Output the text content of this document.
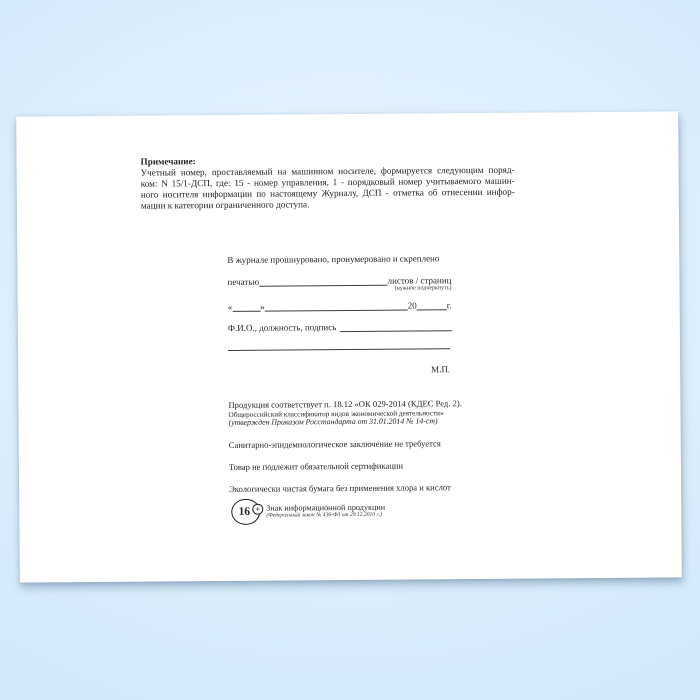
Примечание:
Учетный номер, проставляемый на машинном носителе, формируется следующим поряд-
ком: N 15/1-ДСП, где: 15 - номер управления, 1 - порядковый номер учитываемого машин-
ного носителя информации по настоящему Журналу, ДСП - отметка об отнесении инфор-
мации к категории ограниченного доступа.
В журнале прошнуровано, пронумеровано и скреплено
печатью	листов / страниц
(нужное подчеркнуть)
«	»	20	г.
Ф.И.О., должность, подпись
М.П.
Продукция соответствует п. 18.12 «ОК 029-2014 (КДЕС Ред. 2).
Общероссийский классификатор видов экономической деятельности»
(утвержден Приказом Росстандарта от 31.01.2014 № 14-ст)
Санитарно-эпидемиологическое заключение не требуется
Товар не подлежит обязательной сертификации
Экологически чистая бумага без применения хлора и кислот
16 + Знак информационной продукции
(Федеральный закон № 436-ФЗ от 29.12.2010 г.)
